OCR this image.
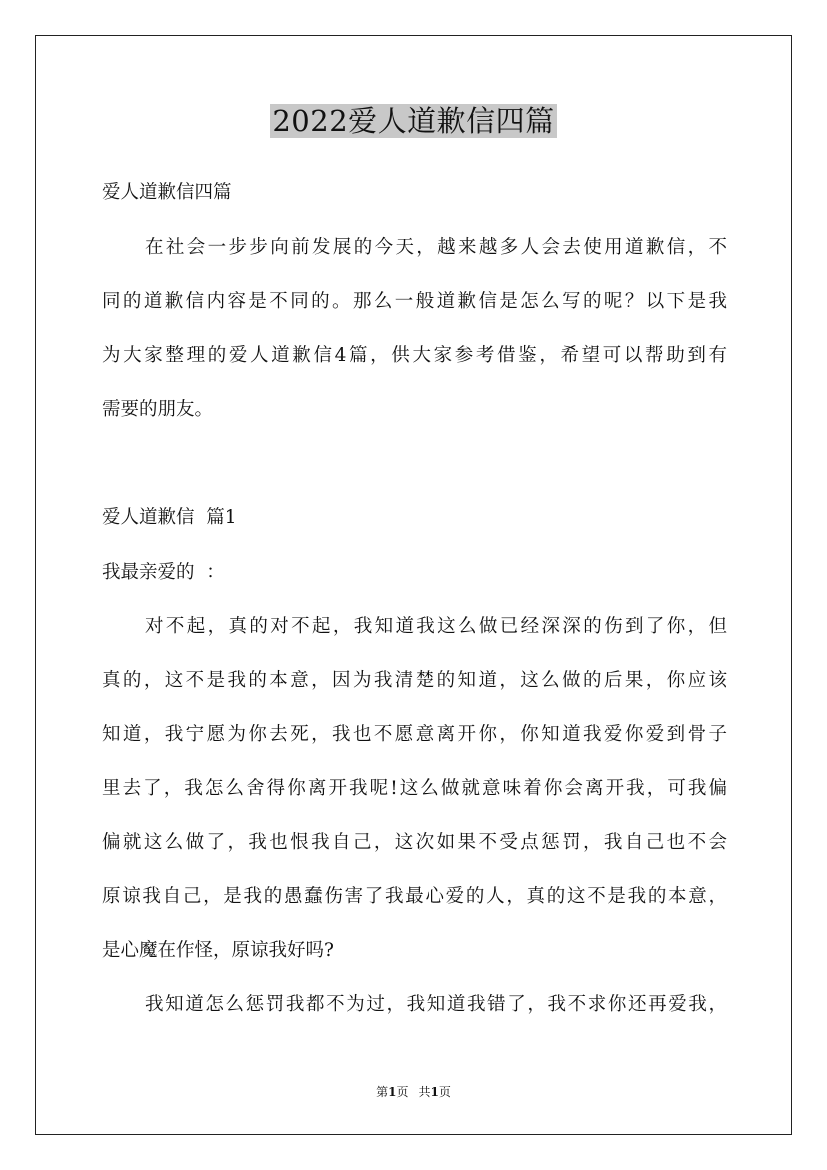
2022爱人道歉信四篇

爱人道歉信四篇

在社会一步步向前发展的今天，越来越多人会去使用道歉信，不

同的道歉信内容是不同的。那么一般道歉信是怎么写的呢？以下是我

为大家整理的爱人道歉信4篇，供大家参考借鉴，希望可以帮助到有

需要的朋友。

爱人道歉信  篇1

我最亲爱的  ：

对不起，真的对不起，我知道我这么做已经深深的伤到了你，但

真的，这不是我的本意，因为我清楚的知道，这么做的后果，你应该

知道，我宁愿为你去死，我也不愿意离开你，你知道我爱你爱到骨子

里去了，我怎么舍得你离开我呢!这么做就意味着你会离开我，可我偏

偏就这么做了，我也恨我自己，这次如果不受点惩罚，我自己也不会

原谅我自己，是我的愚蠢伤害了我最心爱的人，真的这不是我的本意，

是心魔在作怪，原谅我好吗?

我知道怎么惩罚我都不为过，我知道我错了，我不求你还再爱我，

第1页 共1页
